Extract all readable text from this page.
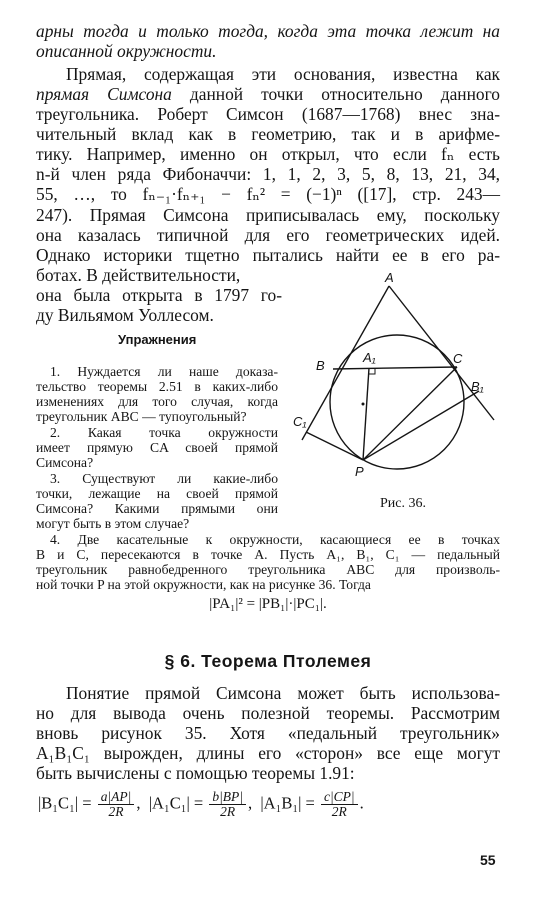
арны тогда и только тогда, когда эта точка лежит на
описанной окружности.
Прямая, содержащая эти основания, известна как
прямая Симсона данной точки относительно данного
треугольника. Роберт Симсон (1687—1768) внес зна-
чительный вклад как в геометрию, так и в арифме-
тику. Например, именно он открыл, что если fₙ есть
n-й член ряда Фибоначчи: 1, 1, 2, 3, 5, 8, 13, 21, 34,
55, …, то fₙ₋₁·fₙ₊₁ − fₙ² = (−1)ⁿ ([17], стр. 243—
247). Прямая Симсона приписывалась ему, поскольку
она казалась типичной для его геометрических идей.
Однако историки тщетно пытались найти ее в его ра-
ботах. В действительности,
она была открыта в 1797 го-
ду Вильямом Уоллесом.
Упражнения
1. Нуждается ли наше доказа-
тельство теоремы 2.51 в каких-либо
изменениях для того случая, когда
треугольник ABC — тупоугольный?
2. Какая точка окружности
имеет прямую CA своей прямой
Симсона?
3. Существуют ли какие-либо
точки, лежащие на своей прямой
Симсона? Какими прямыми они
могут быть в этом случае?
4. Две касательные к окружности, касающиеся ее в точках
B и C, пересекаются в точке A. Пусть A₁, B₁, C₁ — педальный
треугольник равнобедренного треугольника ABC для произволь-
ной точки P на этой окружности, как на рисунке 36. Тогда
|PA₁|² = |PB₁|·|PC₁|.
A
B	C
A₁
B₁
C₁
P
Рис. 36.
§ 6. Теорема Птолемея
Понятие прямой Симсона может быть использова-
но для вывода очень полезной теоремы. Рассмотрим
вновь рисунок 35. Хотя «педальный треугольник»
A₁B₁C₁ вырожден, длины его «сторон» все еще могут
быть вычислены с помощью теоремы 1.91:
$|B_1C_1| = \frac{a|AP|}{2R}$ , $|A_1C_1| = \frac{b|BP|}{2R}$ , $|A_1B_1| = \frac{c|CP|}{2R}$ .
55
